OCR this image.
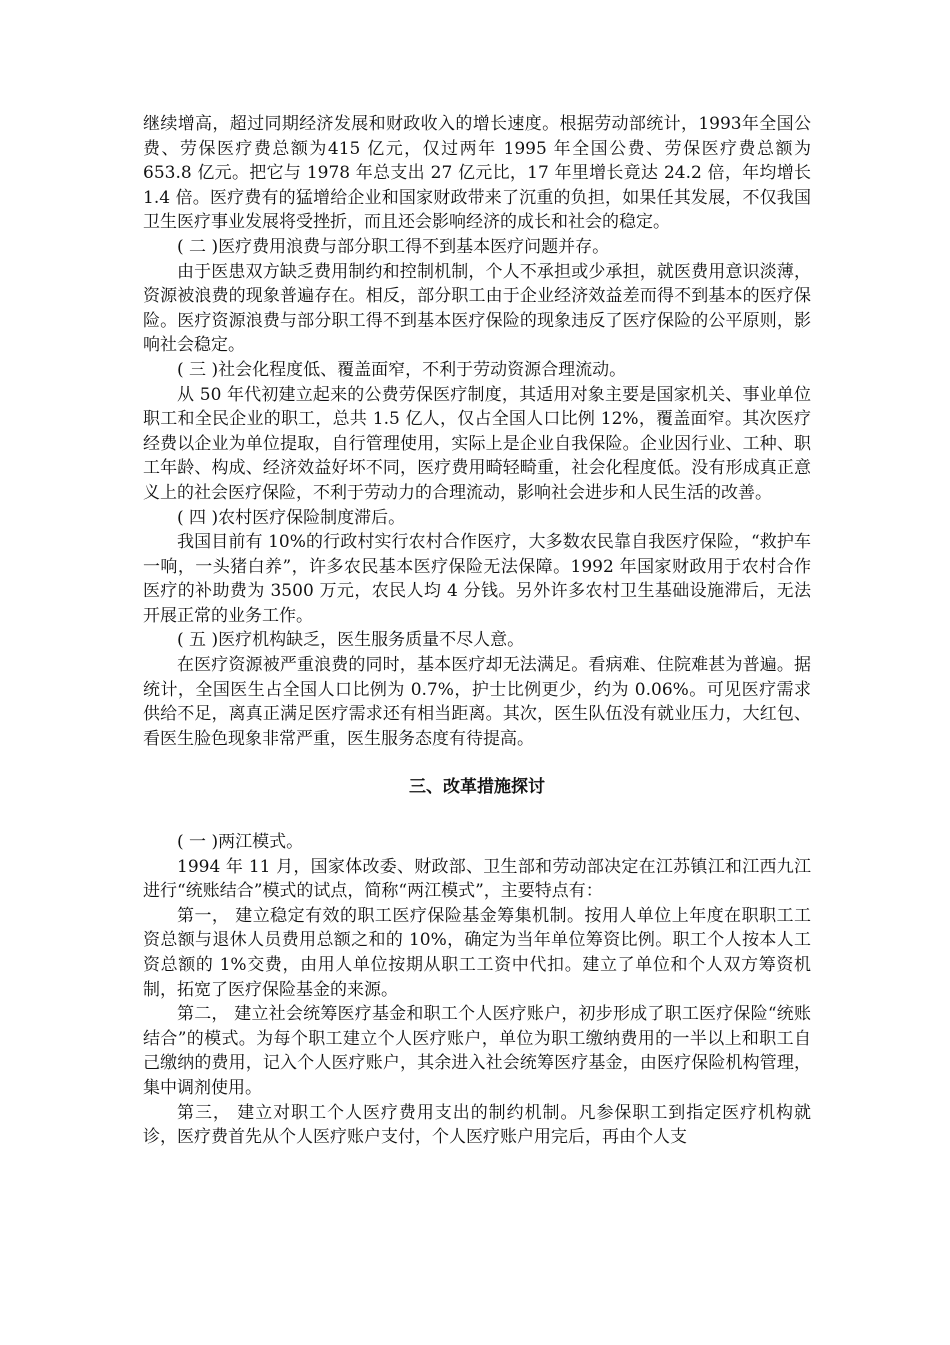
继续增高，超过同期经济发展和财政收入的增长速度。根据劳动部统计，1993年全国公费、劳保医疗费总额为415 亿元，仅过两年 1995 年全国公费、劳保医疗费总额为 653.8 亿元。把它与 1978 年总支出 27 亿元比，17 年里增长竟达 24.2 倍，年均增长 1.4 倍。医疗费有的猛增给企业和国家财政带来了沉重的负担，如果任其发展，不仅我国卫生医疗事业发展将受挫折，而且还会影响经济的成长和社会的稳定。

( 二 )医疗费用浪费与部分职工得不到基本医疗问题并存。

由于医患双方缺乏费用制约和控制机制，个人不承担或少承担，就医费用意识淡薄，资源被浪费的现象普遍存在。相反，部分职工由于企业经济效益差而得不到基本的医疗保险。医疗资源浪费与部分职工得不到基本医疗保险的现象违反了医疗保险的公平原则，影响社会稳定。

( 三 )社会化程度低、覆盖面窄，不利于劳动资源合理流动。

从 50 年代初建立起来的公费劳保医疗制度，其适用对象主要是国家机关、事业单位职工和全民企业的职工，总共 1.5 亿人，仅占全国人口比例 12%，覆盖面窄。其次医疗经费以企业为单位提取，自行管理使用，实际上是企业自我保险。企业因行业、工种、职工年龄、构成、经济效益好坏不同，医疗费用畸轻畸重，社会化程度低。没有形成真正意义上的社会医疗保险，不利于劳动力的合理流动，影响社会进步和人民生活的改善。

( 四 )农村医疗保险制度滞后。

我国目前有 10%的行政村实行农村合作医疗，大多数农民靠自我医疗保险，“救护车一响，一头猪白养”，许多农民基本医疗保险无法保障。1992 年国家财政用于农村合作医疗的补助费为 3500 万元，农民人均 4 分钱。另外许多农村卫生基础设施滞后，无法开展正常的业务工作。

( 五 )医疗机构缺乏，医生服务质量不尽人意。

在医疗资源被严重浪费的同时，基本医疗却无法满足。看病难、住院难甚为普遍。据统计，全国医生占全国人口比例为 0.7%，护士比例更少，约为 0.06%。可见医疗需求供给不足，离真正满足医疗需求还有相当距离。其次，医生队伍没有就业压力，大红包、看医生脸色现象非常严重，医生服务态度有待提高。

三、改革措施探讨

( 一 )两江模式。

1994 年 11 月，国家体改委、财政部、卫生部和劳动部决定在江苏镇江和江西九江进行“统账结合”模式的试点，简称“两江模式”，主要特点有：

第一， 建立稳定有效的职工医疗保险基金筹集机制。按用人单位上年度在职职工工资总额与退休人员费用总额之和的 10%，确定为当年单位筹资比例。职工个人按本人工资总额的 1%交费，由用人单位按期从职工工资中代扣。建立了单位和个人双方筹资机制，拓宽了医疗保险基金的来源。

第二， 建立社会统筹医疗基金和职工个人医疗账户，初步形成了职工医疗保险“统账结合”的模式。为每个职工建立个人医疗账户，单位为职工缴纳费用的一半以上和职工自己缴纳的费用，记入个人医疗账户，其余进入社会统筹医疗基金，由医疗保险机构管理，集中调剂使用。

第三， 建立对职工个人医疗费用支出的制约机制。凡参保职工到指定医疗机构就诊，医疗费首先从个人医疗账户支付，个人医疗账户用完后，再由个人支
